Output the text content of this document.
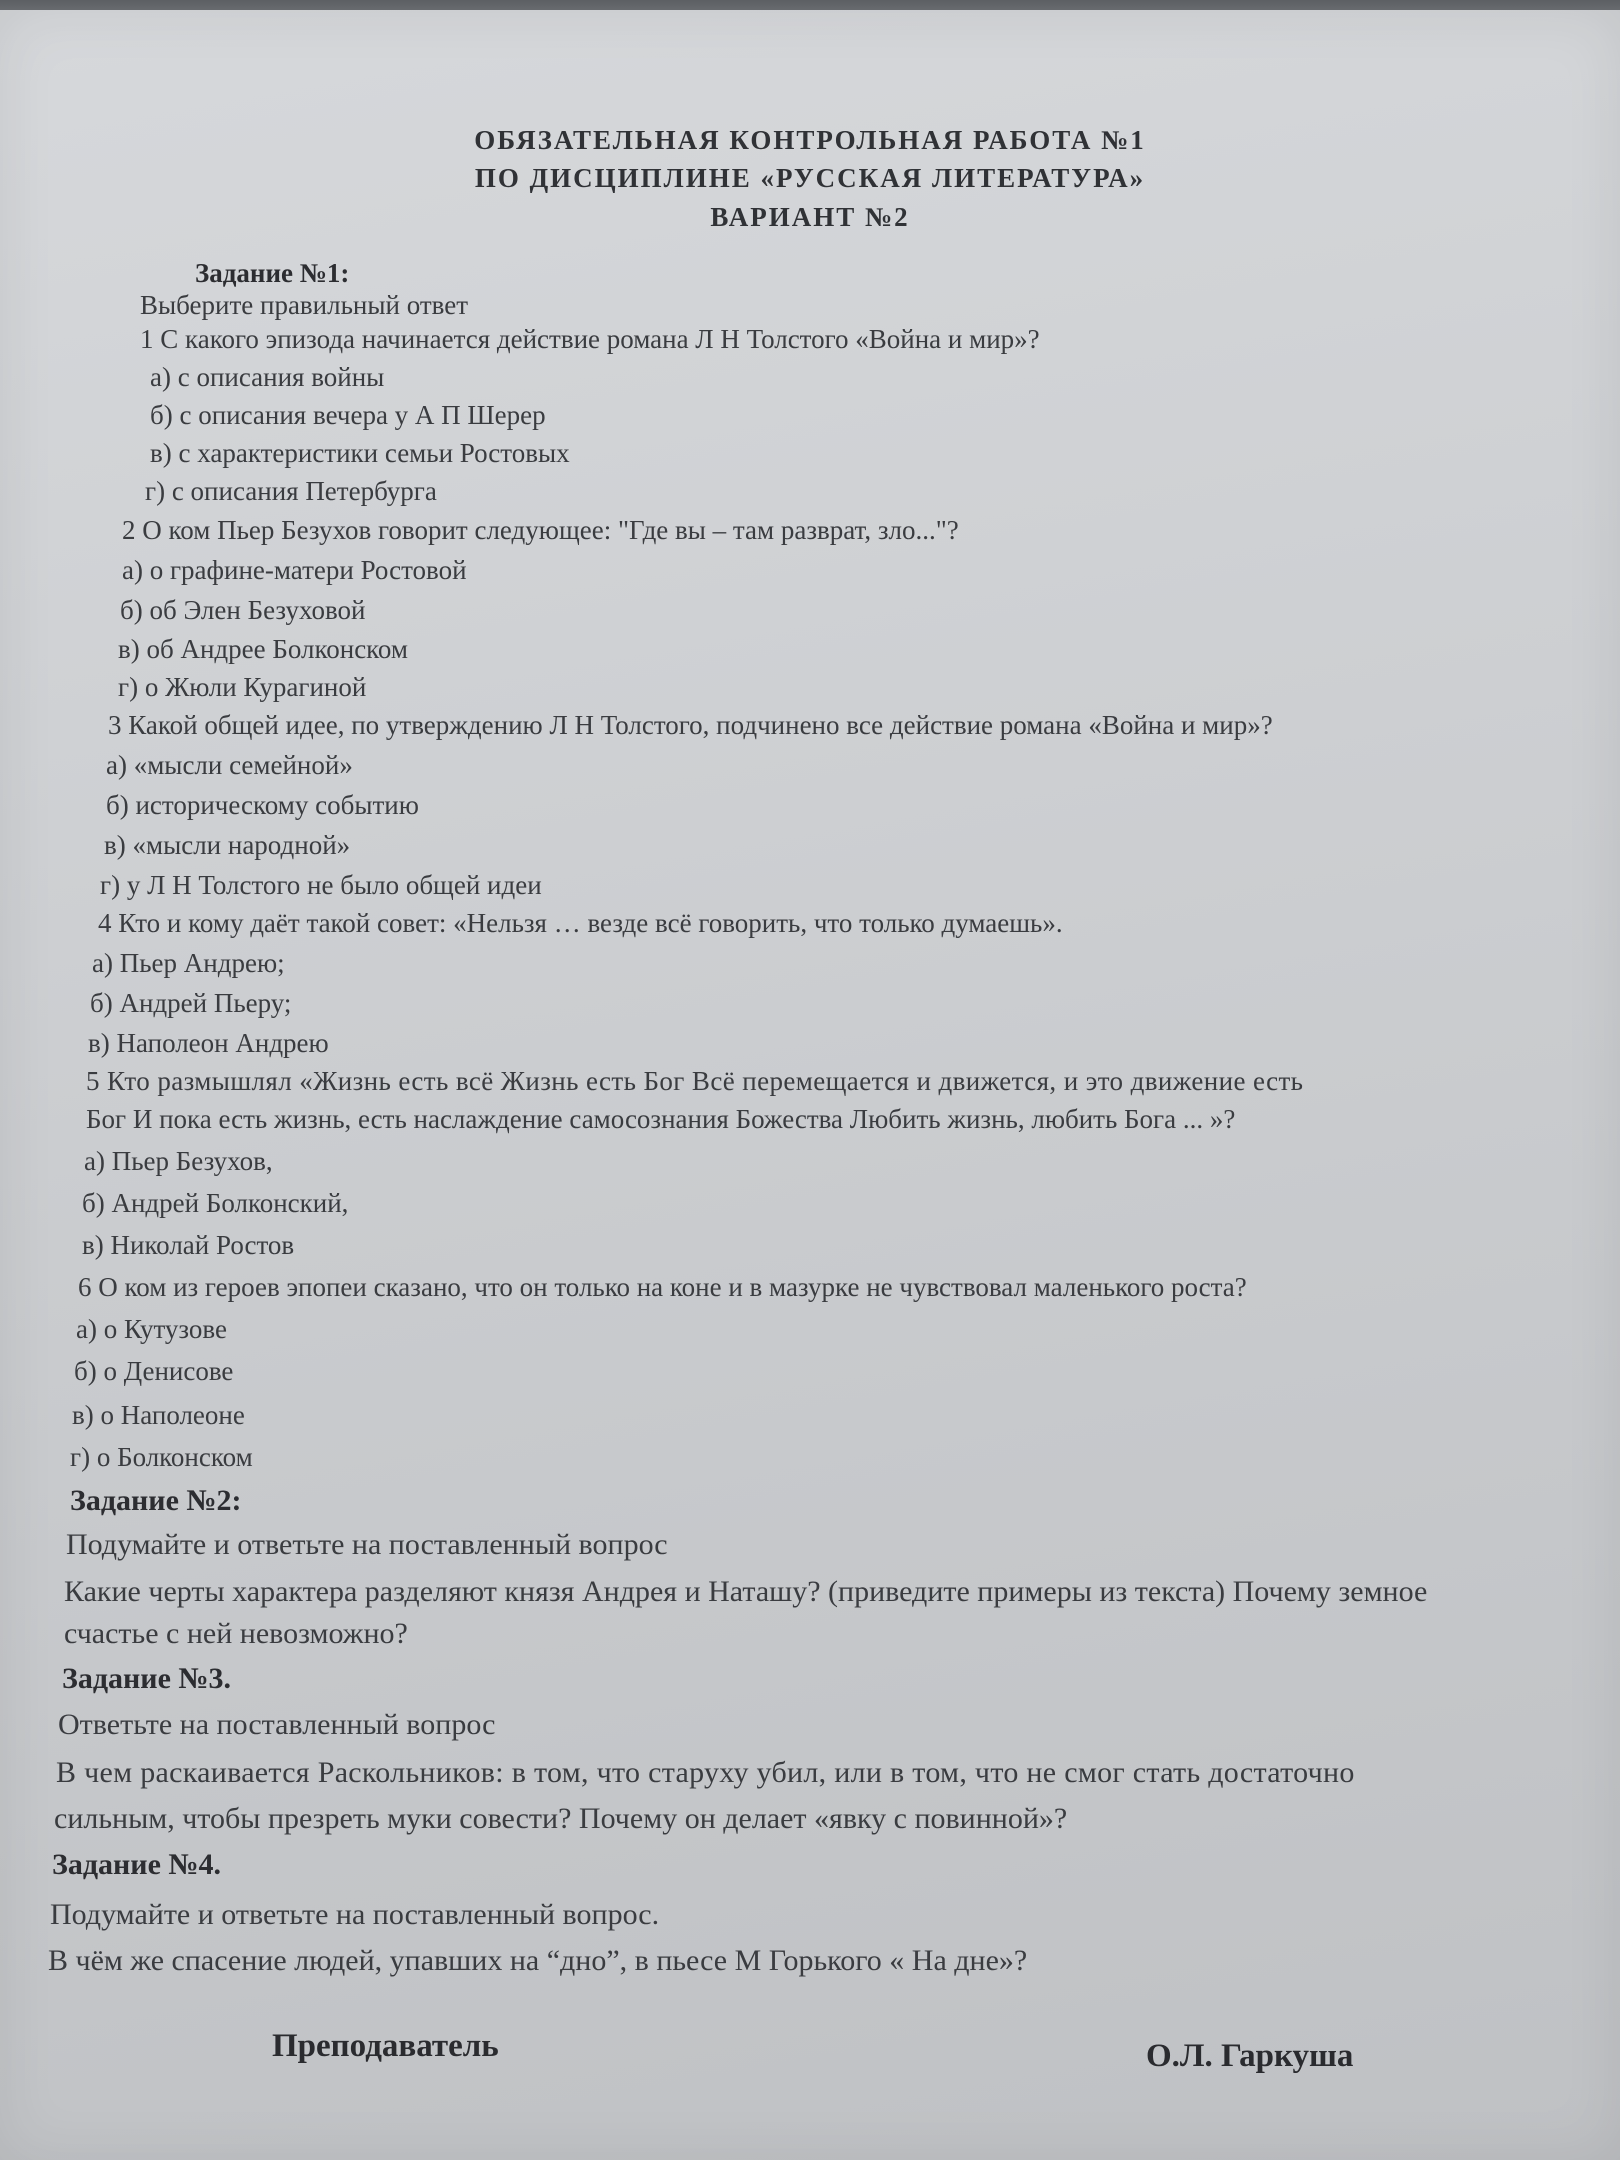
ОБЯЗАТЕЛЬНАЯ КОНТРОЛЬНАЯ РАБОТА №1
ПО ДИСЦИПЛИНЕ «РУССКАЯ ЛИТЕРАТУРА»
ВАРИАНТ №2
Задание №1:
Выберите правильный ответ
1 С какого эпизода начинается действие романа Л Н Толстого «Война и мир»?
а) с описания войны
б) с описания вечера у А П Шерер
в) с характеристики семьи Ростовых
г) с описания Петербурга
2 О ком Пьер Безухов говорит следующее: "Где вы – там разврат, зло..."?
а) о графине-матери Ростовой
б) об Элен Безуховой
в) об Андрее Болконском
г) о Жюли Курагиной
3 Какой общей идее, по утверждению Л Н Толстого, подчинено все действие романа «Война и мир»?
а) «мысли семейной»
б) историческому событию
в) «мысли народной»
г) у Л Н Толстого не было общей идеи
4 Кто и кому даёт такой совет: «Нельзя … везде всё говорить, что только думаешь».
а) Пьер Андрею;
б) Андрей Пьеру;
в) Наполеон Андрею
5 Кто размышлял «Жизнь есть всё Жизнь есть Бог Всё перемещается и движется, и это движение есть
Бог И пока есть жизнь, есть наслаждение самосознания Божества Любить жизнь, любить Бога ... »?
а) Пьер Безухов,
б) Андрей Болконский,
в) Николай Ростов
6 О ком из героев эпопеи сказано, что он только на коне и в мазурке не чувствовал маленького роста?
а) о Кутузове
б) о Денисове
в) о Наполеоне
г) о Болконском
Задание №2:
Подумайте и ответьте на поставленный вопрос
Какие черты характера разделяют князя Андрея и Наташу? (приведите примеры из текста) Почему земное
счастье с ней невозможно?
Задание №3.
Ответьте на поставленный вопрос
В чем раскаивается Раскольников: в том, что старуху убил, или в том, что не смог стать достаточно
сильным, чтобы презреть муки совести? Почему он делает «явку с повинной»?
Задание №4.
Подумайте и ответьте на поставленный вопрос.
В чём же спасение людей, упавших на “дно”, в пьесе М Горького « На дне»?
Преподаватель	О.Л. Гаркуша
